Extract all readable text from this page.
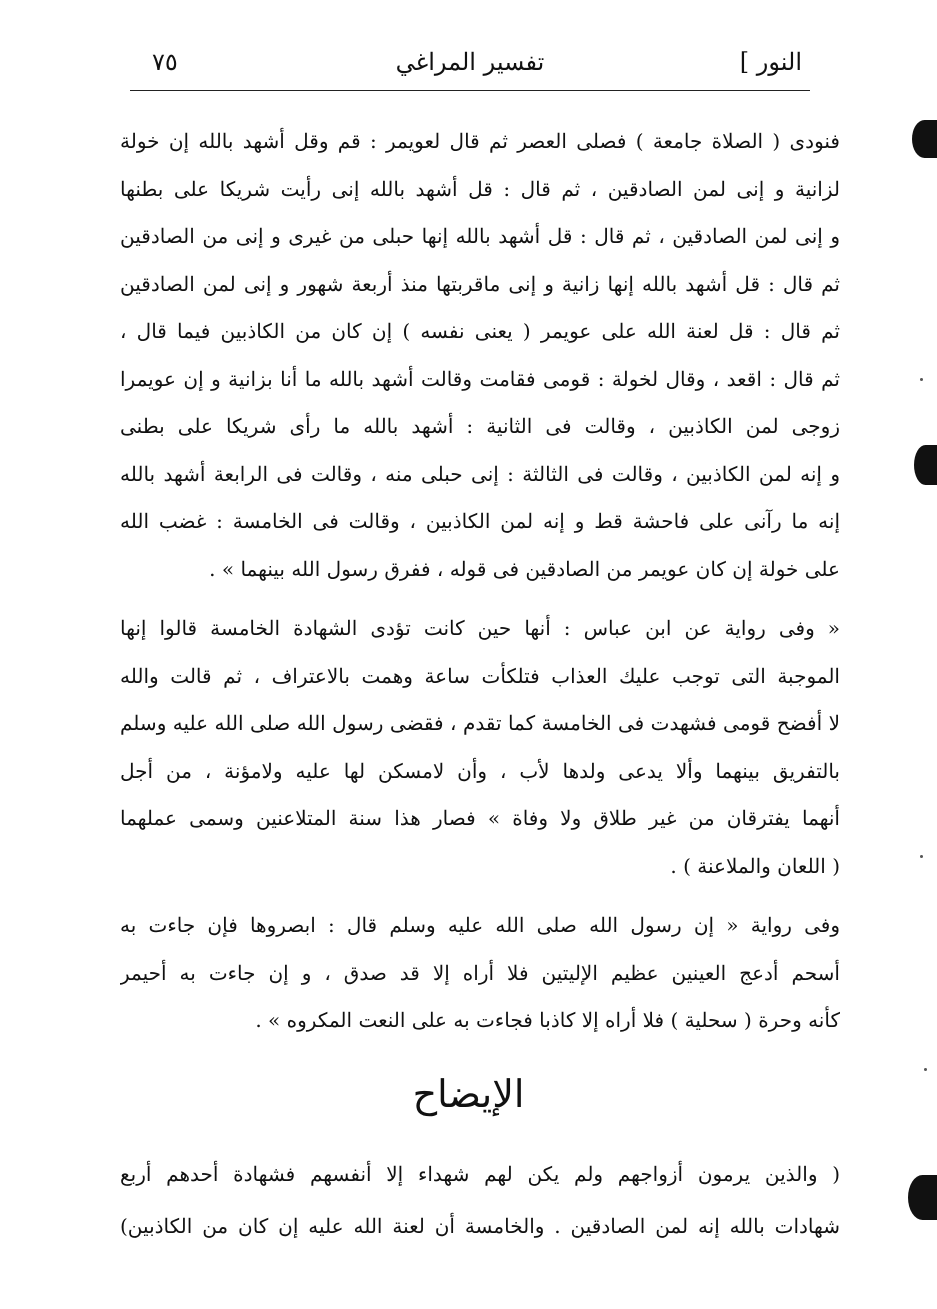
النور ]
تفسير المراغي
٧٥
فنودى ( الصلاة جامعة ) فصلى العصر ثم قال لعويمر : قم وقل أشهد بالله إن خولة
لزانية و إنى لمن الصادقين ، ثم قال : قل أشهد بالله إنى رأيت شريكا على بطنها
و إنى لمن الصادقين ، ثم قال : قل أشهد بالله إنها حبلى من غيرى و إنى من الصادقين
ثم قال : قل أشهد بالله إنها زانية و إنى ماقربتها منذ أربعة شهور و إنى لمن الصادقين
ثم قال : قل لعنة الله على عويمر ( يعنى نفسه ) إن كان من الكاذبين فيما قال ،
ثم قال : اقعد ، وقال لخولة : قومى فقامت وقالت أشهد بالله ما أنا بزانية و إن عويمرا
زوجى لمن الكاذبين ، وقالت فى الثانية : أشهد بالله ما رأى شريكا على بطنى
و إنه لمن الكاذبين ، وقالت فى الثالثة : إنى حبلى منه ، وقالت فى الرابعة أشهد بالله
إنه ما رآنى على فاحشة قط و إنه لمن الكاذبين ، وقالت فى الخامسة : غضب الله
على خولة إن كان عويمر من الصادقين فى قوله ، ففرق رسول الله بينهما » .
« وفى رواية عن ابن عباس : أنها حين كانت تؤدى الشهادة الخامسة قالوا إنها
الموجبة التى توجب عليك العذاب فتلكأت ساعة وهمت بالاعتراف ، ثم قالت والله
لا أفضح قومى فشهدت فى الخامسة كما تقدم ، فقضى رسول الله صلى الله عليه وسلم
بالتفريق بينهما وألا يدعى ولدها لأب ، وأن لامسكن لها عليه ولامؤنة ، من أجل
أنهما يفترقان من غير طلاق ولا وفاة » فصار هذا سنة المتلاعنين وسمى عملهما
( اللعان والملاعنة ) .
وفى رواية « إن رسول الله صلى الله عليه وسلم قال : ابصروها فإن جاءت به
أسحم أدعج العينين عظيم الإليتين فلا أراه إلا قد صدق ، و إن جاءت به أحيمر
كأنه وحرة ( سحلية ) فلا أراه إلا كاذبا فجاءت به على النعت المكروه » .
الإيضاح
( والذين يرمون أزواجهم ولم يكن لهم شهداء إلا أنفسهم فشهادة أحدهم أربع
شهادات بالله إنه لمن الصادقين . والخامسة أن لعنة الله عليه إن كان من الكاذبين)
